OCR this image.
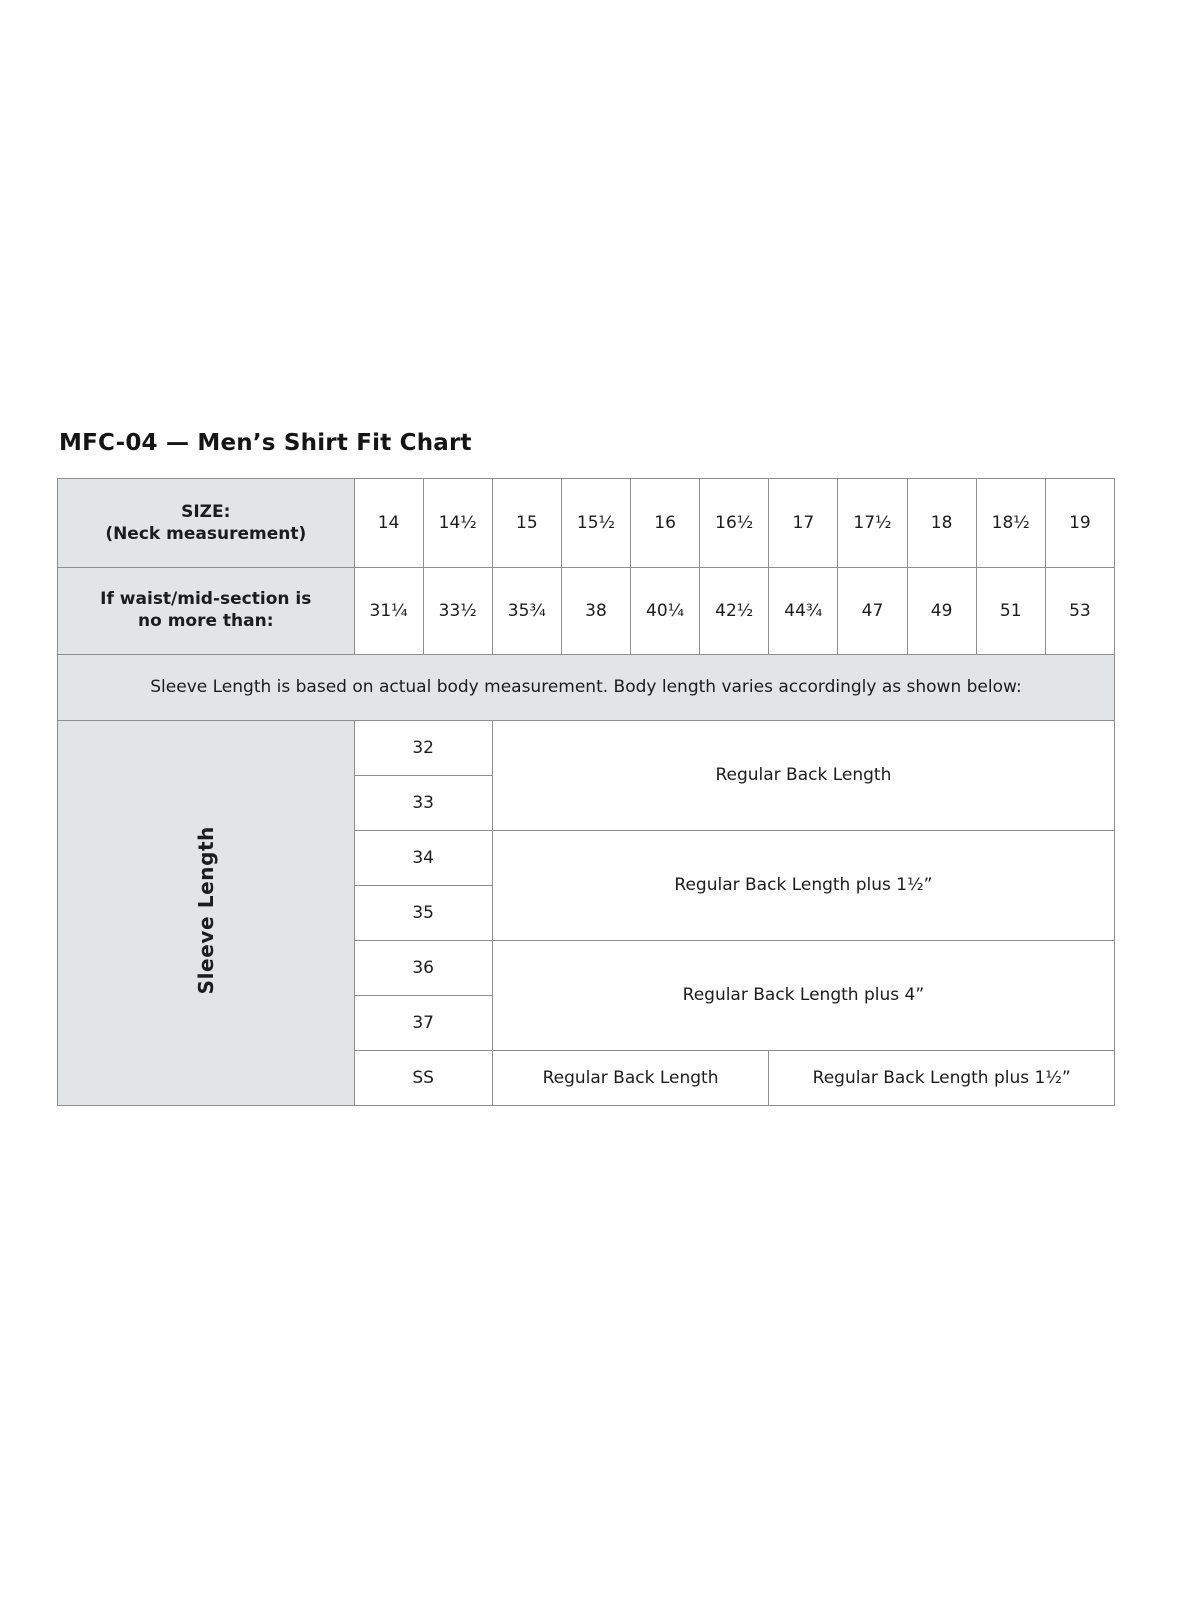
MFC-04 — Men’s Shirt Fit Chart
SIZE:
(Neck measurement)	14	14½	15	15½	16	16½	17	17½	18	18½	19

If waist/mid-section is
no more than:	31¼	33½	35¾	38	40¼	42½	44¾	47	49	51	53
Sleeve Length is based on actual body measurement. Body length varies accordingly as shown below:											
Sleeve Length	32		Regular Back Length								
	33										
	34		Regular Back Length plus 1½”								
	35										
	36		Regular Back Length plus 4”								
	37										
	SS		Regular Back Length				Regular Back Length plus 1½”				
